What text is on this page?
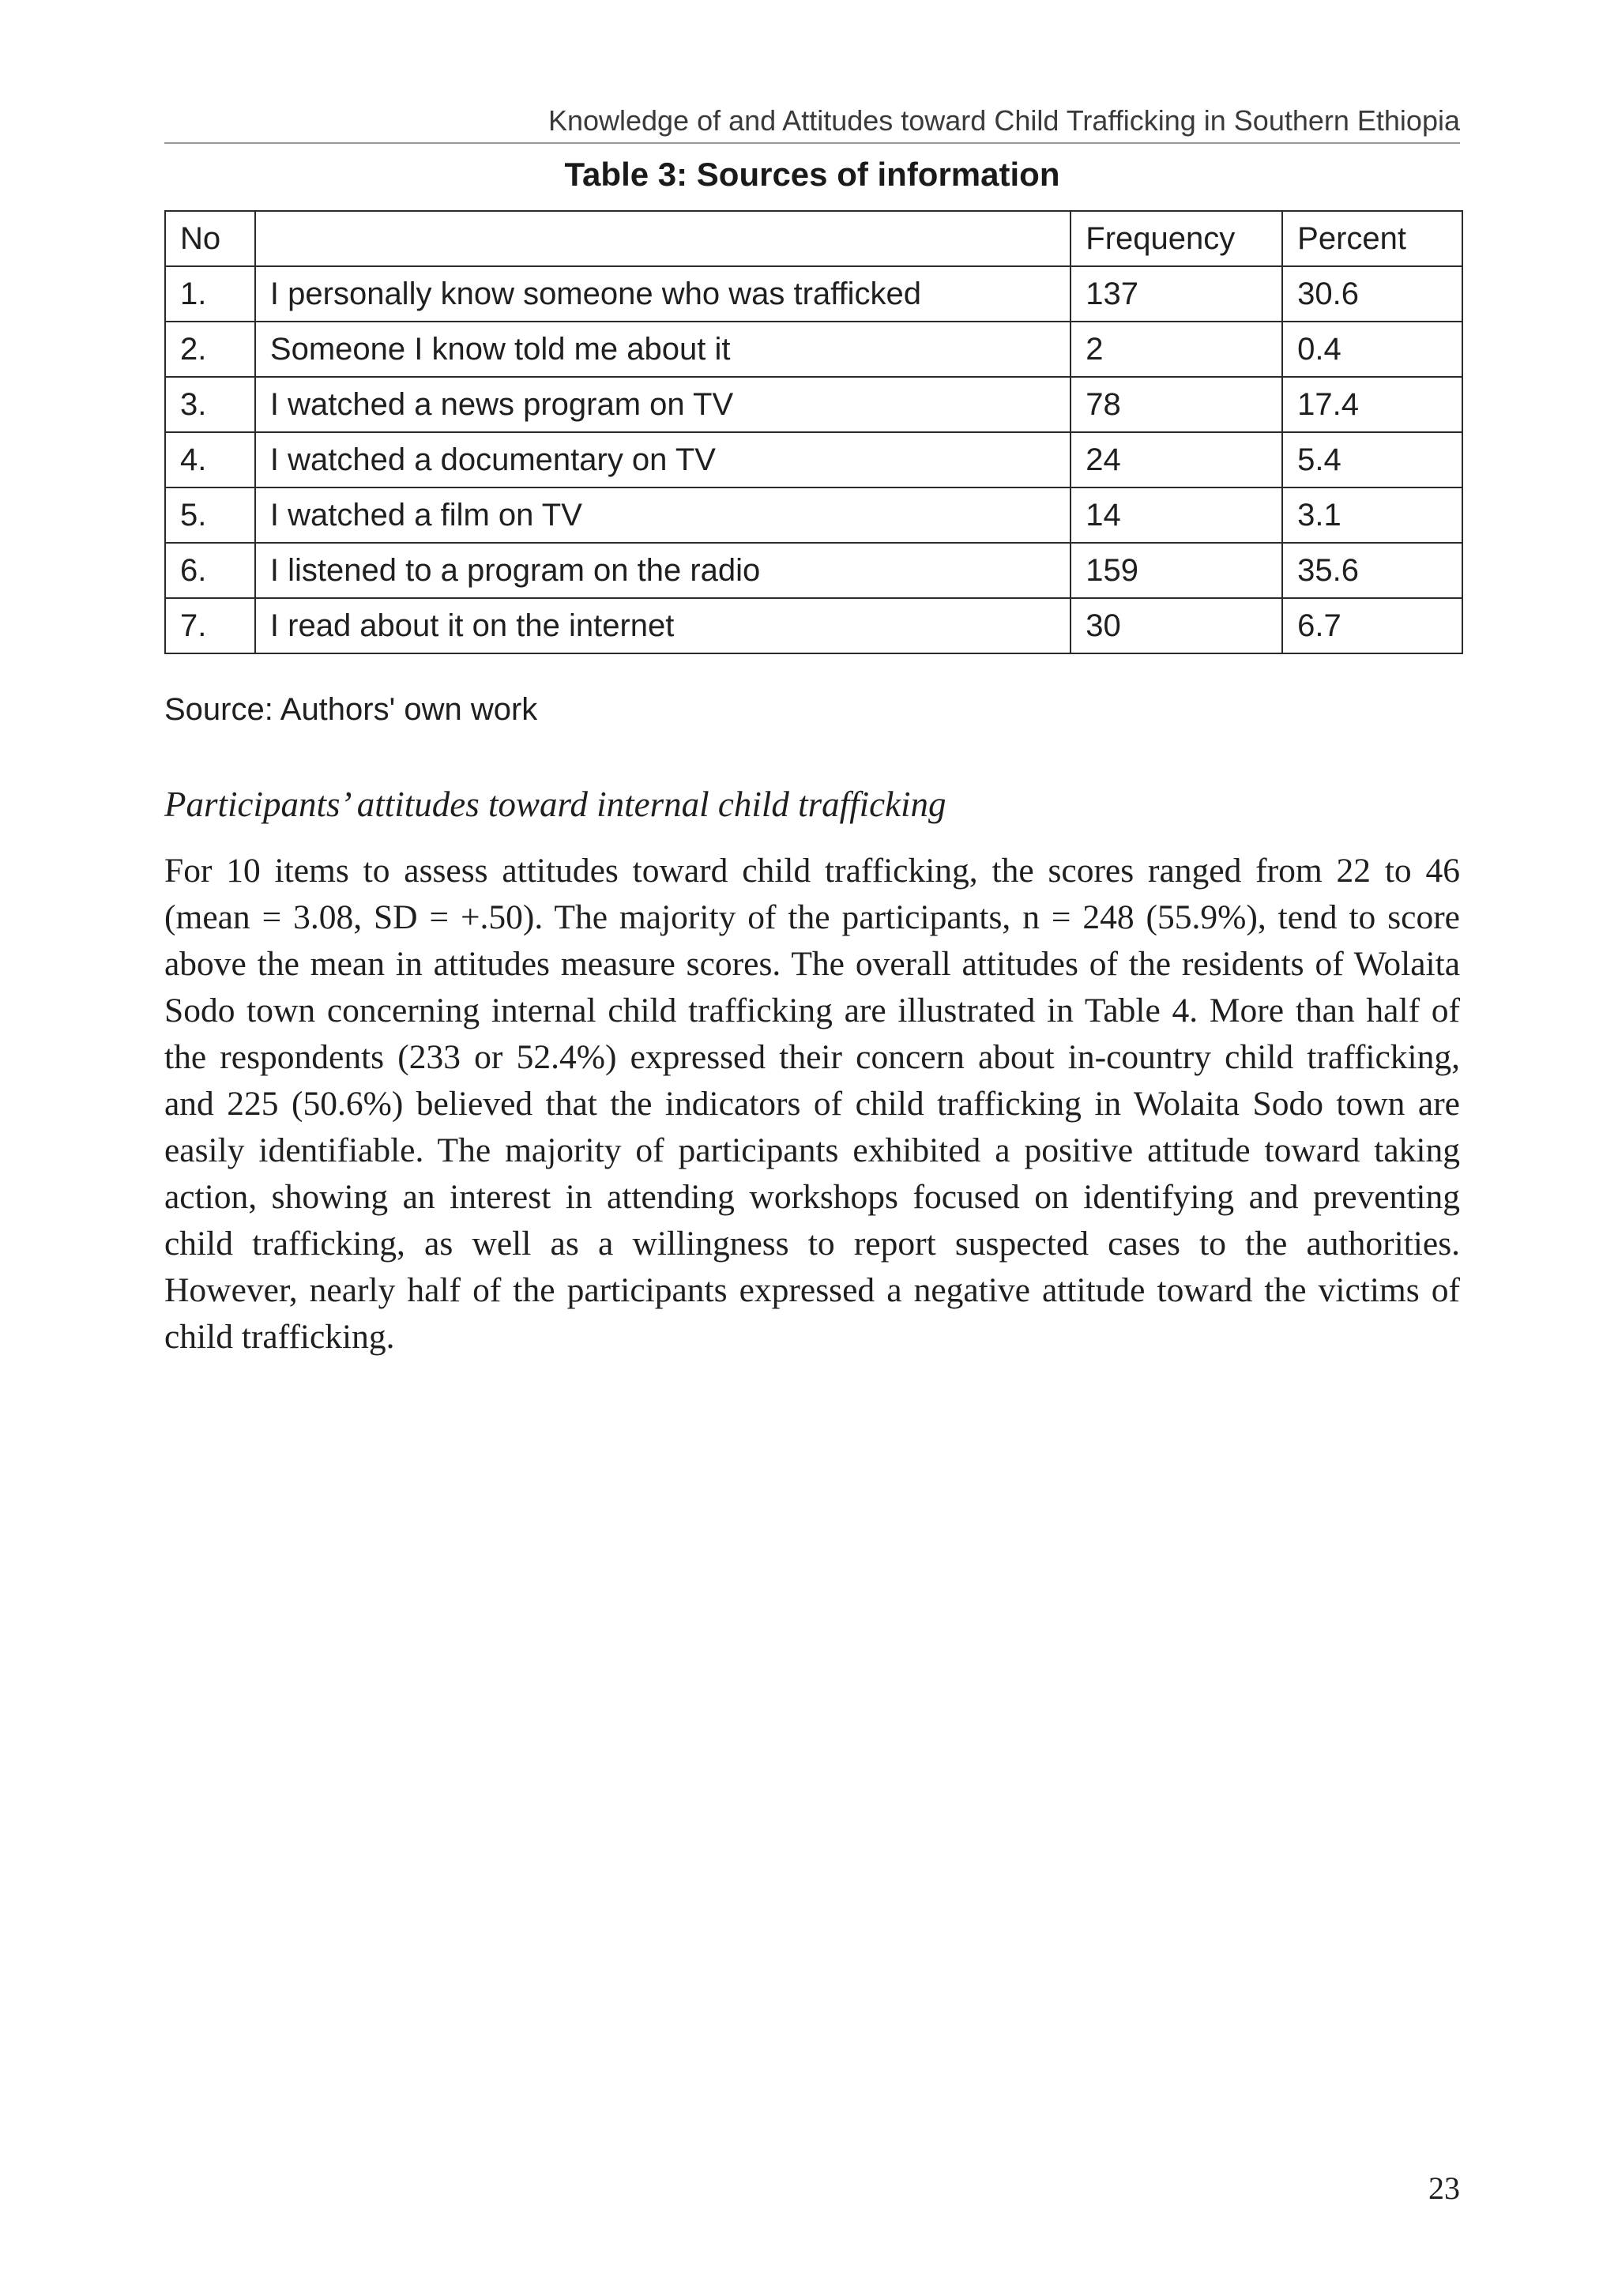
Knowledge of and Attitudes toward Child Trafficking in Southern Ethiopia
Table 3: Sources of information
No		Frequency	Percent
1.	I personally know someone who was trafficked	137	30.6
2.	Someone I know told me about it	2	0.4
3.	I watched a news program on TV	78	17.4
4.	I watched a documentary on TV	24	5.4
5.	I watched a film on TV	14	3.1
6.	I listened to a program on the radio	159	35.6
7.	I read about it on the internet	30	6.7
Source: Authors' own work
Participants’ attitudes toward internal child trafficking

For 10 items to assess attitudes toward child trafficking, the scores ranged from 22 to 46 (mean = 3.08, SD = +.50). The majority of the participants, n = 248 (55.9%), tend to score above the mean in attitudes measure scores. The overall attitudes of the residents of Wolaita Sodo town concerning internal child trafficking are illustrated in Table 4. More than half of the respondents (233 or 52.4%) expressed their concern about in-country child trafficking, and 225 (50.6%) believed that the indicators of child trafficking in Wolaita Sodo town are easily identifiable. The majority of participants exhibited a positive attitude toward taking action, showing an interest in attending workshops focused on identifying and preventing child trafficking, as well as a willingness to report suspected cases to the authorities. However, nearly half of the participants expressed a negative attitude toward the victims of child trafficking.

23
